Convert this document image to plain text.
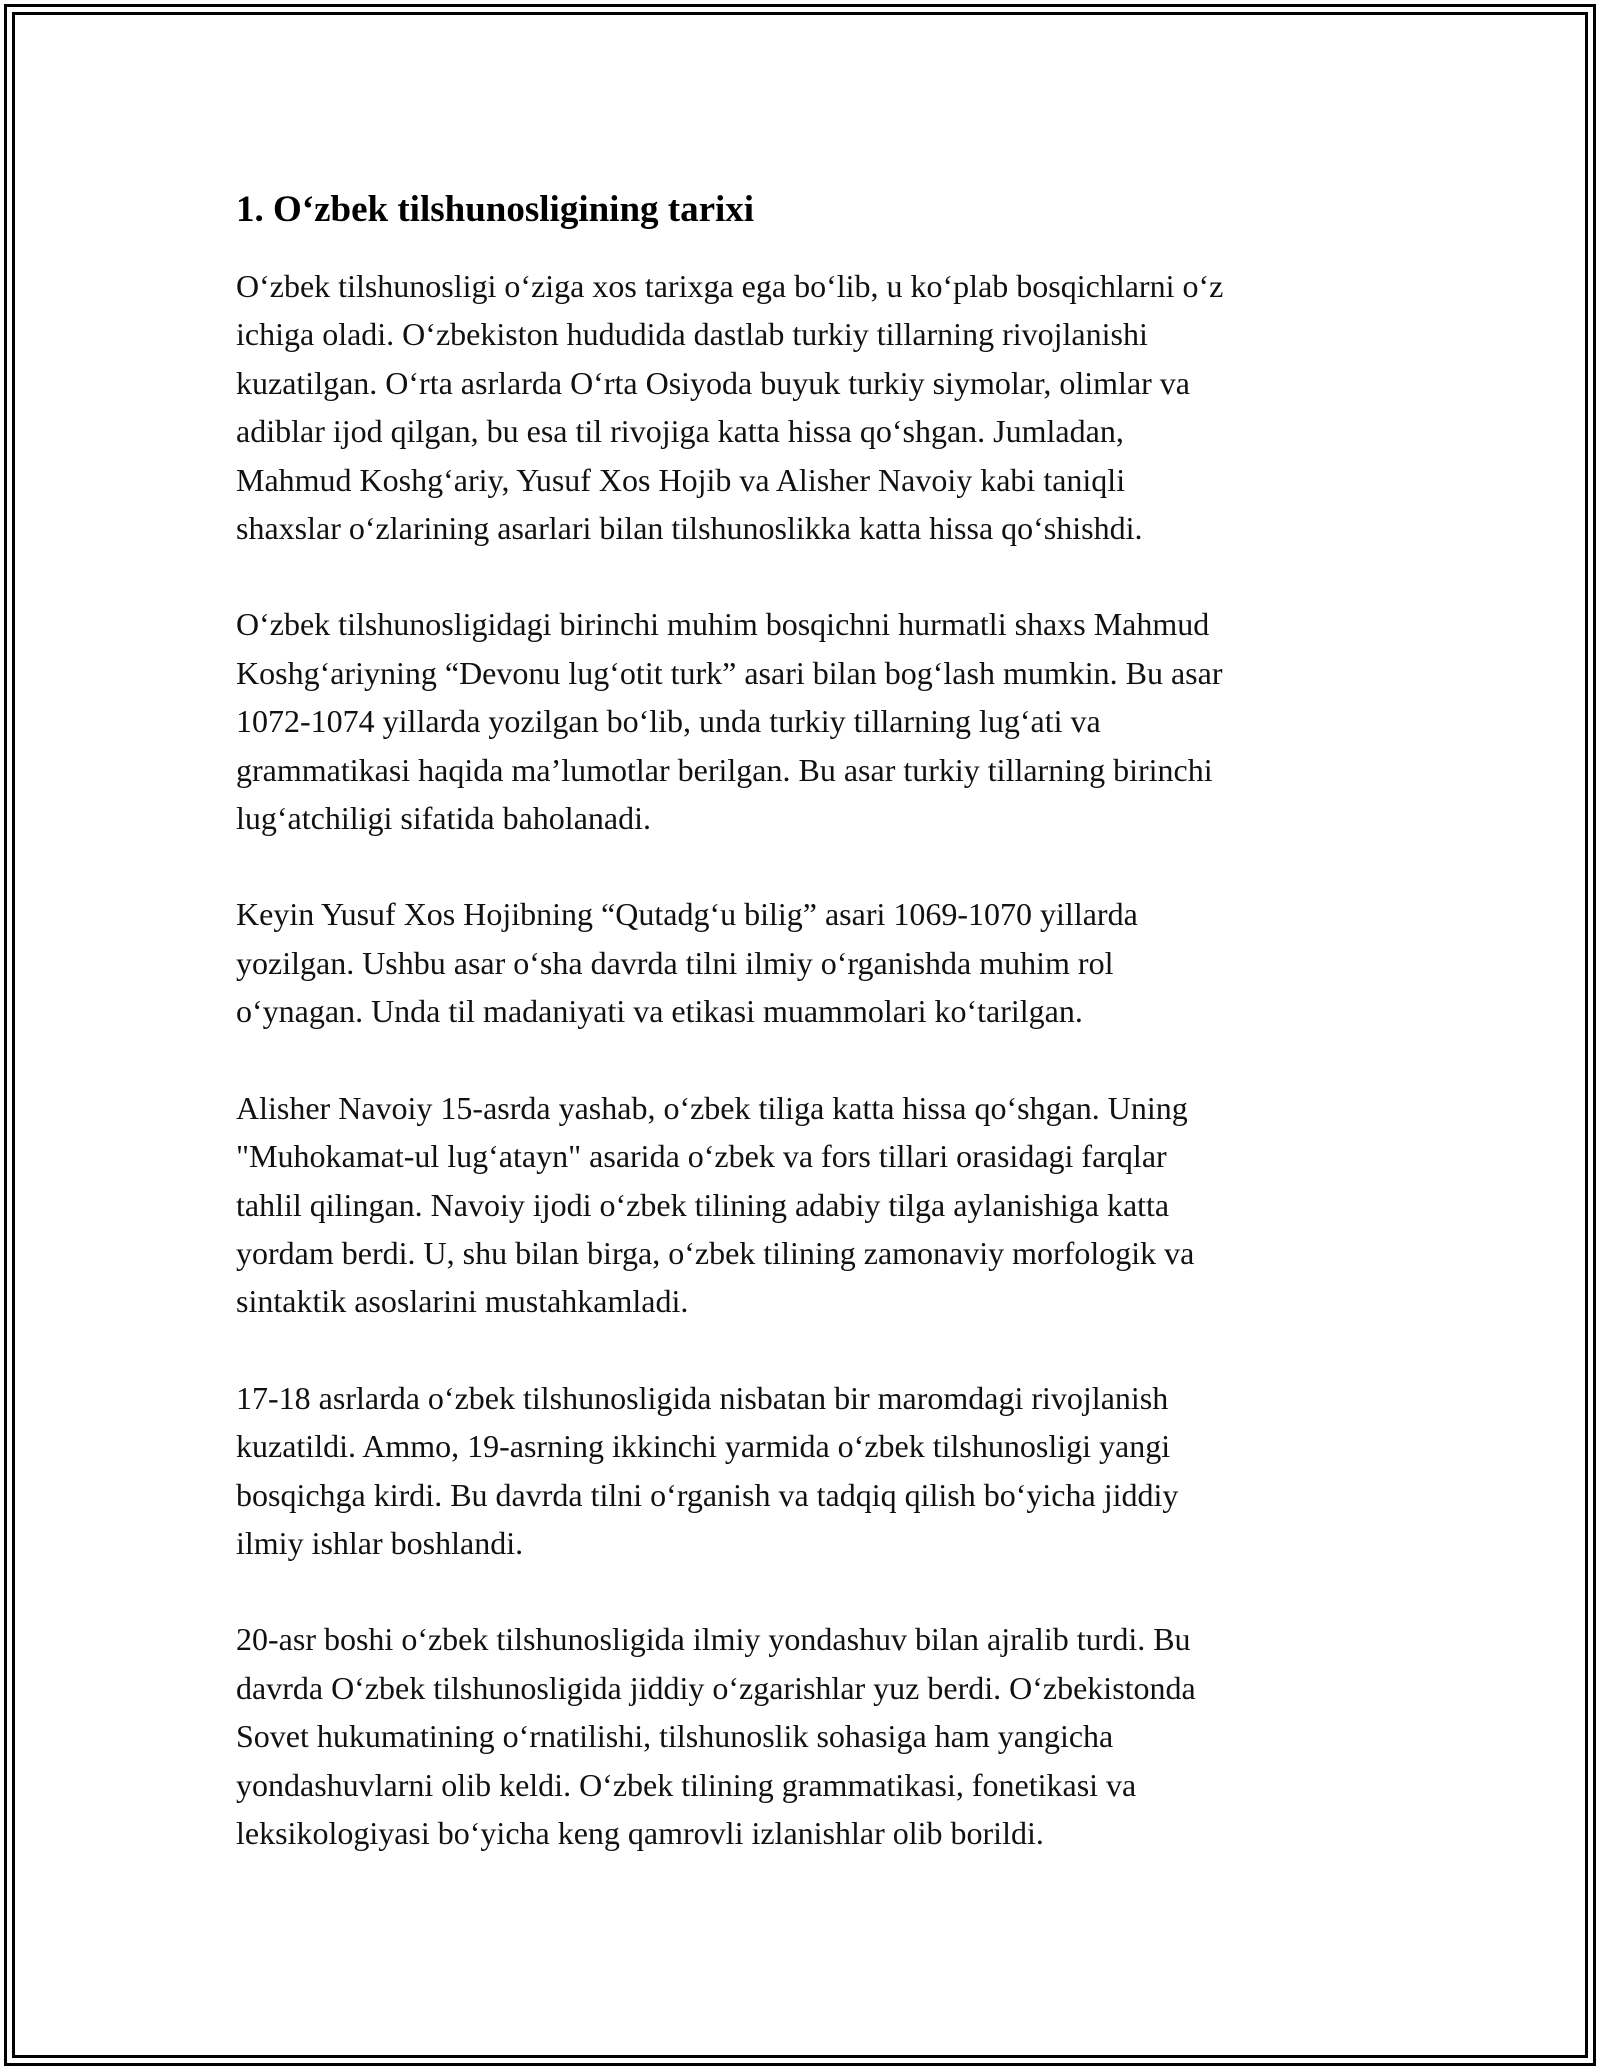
1. O‘zbek tilshunosligining tarixi

O‘zbek tilshunosligi o‘ziga xos tarixga ega bo‘lib, u ko‘plab bosqichlarni o‘z
ichiga oladi. O‘zbekiston hududida dastlab turkiy tillarning rivojlanishi
kuzatilgan. O‘rta asrlarda O‘rta Osiyoda buyuk turkiy siymolar, olimlar va
adiblar ijod qilgan, bu esa til rivojiga katta hissa qo‘shgan. Jumladan,
Mahmud Koshg‘ariy, Yusuf Xos Hojib va Alisher Navoiy kabi taniqli
shaxslar o‘zlarining asarlari bilan tilshunoslikka katta hissa qo‘shishdi.

O‘zbek tilshunosligidagi birinchi muhim bosqichni hurmatli shaxs Mahmud
Koshg‘ariyning “Devonu lug‘otit turk” asari bilan bog‘lash mumkin. Bu asar
1072-1074 yillarda yozilgan bo‘lib, unda turkiy tillarning lug‘ati va
grammatikasi haqida ma’lumotlar berilgan. Bu asar turkiy tillarning birinchi
lug‘atchiligi sifatida baholanadi.

Keyin Yusuf Xos Hojibning “Qutadg‘u bilig” asari 1069-1070 yillarda
yozilgan. Ushbu asar o‘sha davrda tilni ilmiy o‘rganishda muhim rol
o‘ynagan. Unda til madaniyati va etikasi muammolari ko‘tarilgan.

Alisher Navoiy 15-asrda yashab, o‘zbek tiliga katta hissa qo‘shgan. Uning
"Muhokamat-ul lug‘atayn" asarida o‘zbek va fors tillari orasidagi farqlar
tahlil qilingan. Navoiy ijodi o‘zbek tilining adabiy tilga aylanishiga katta
yordam berdi. U, shu bilan birga, o‘zbek tilining zamonaviy morfologik va
sintaktik asoslarini mustahkamladi.

17-18 asrlarda o‘zbek tilshunosligida nisbatan bir maromdagi rivojlanish
kuzatildi. Ammo, 19-asrning ikkinchi yarmida o‘zbek tilshunosligi yangi
bosqichga kirdi. Bu davrda tilni o‘rganish va tadqiq qilish bo‘yicha jiddiy
ilmiy ishlar boshlandi.

20-asr boshi o‘zbek tilshunosligida ilmiy yondashuv bilan ajralib turdi. Bu
davrda O‘zbek tilshunosligida jiddiy o‘zgarishlar yuz berdi. O‘zbekistonda
Sovet hukumatining o‘rnatilishi, tilshunoslik sohasiga ham yangicha
yondashuvlarni olib keldi. O‘zbek tilining grammatikasi, fonetikasi va
leksikologiyasi bo‘yicha keng qamrovli izlanishlar olib borildi.
